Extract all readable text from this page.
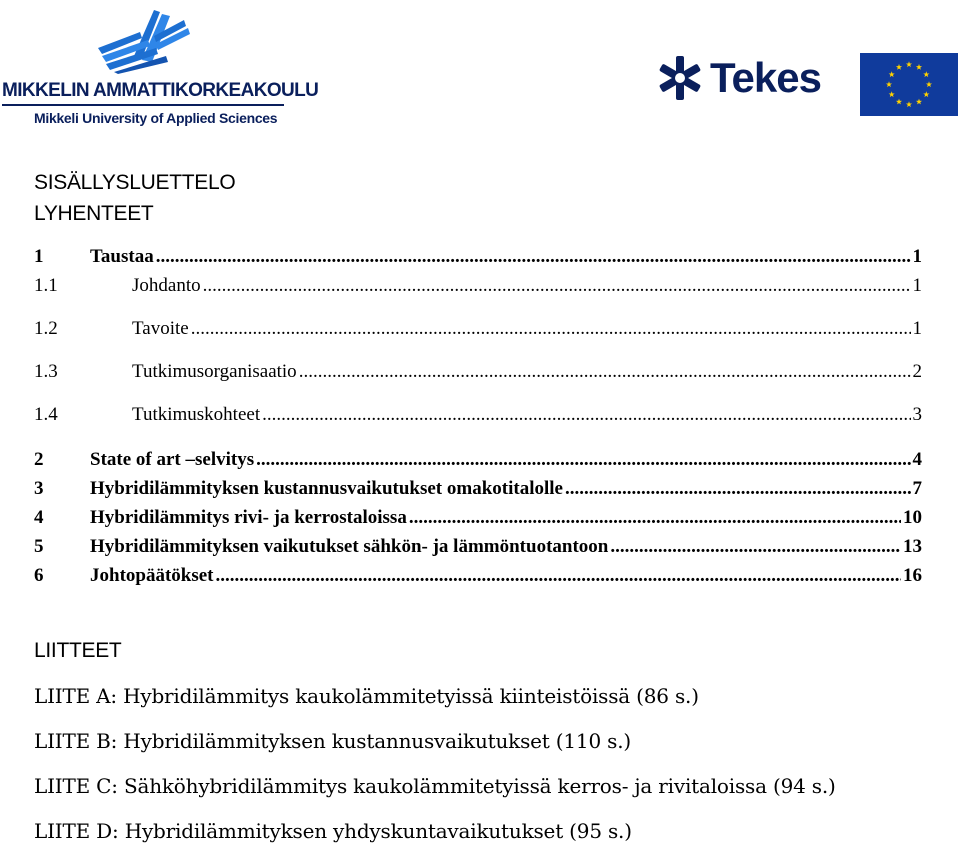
MIKKELIN AMMATTIKORKEAKOULU
Mikkeli University of Applied Sciences
Tekes
SISÄLLYSLUETTELO
LYHENTEET
1	Taustaa .....	1
1.1	Johdanto .....	1
1.2	Tavoite .....	1
1.3	Tutkimusorganisaatio .....	2
1.4	Tutkimuskohteet .....	3
2	State of art –selvitys .....	4
3	Hybridilämmityksen kustannusvaikutukset omakotitalolle .....	7
4	Hybridilämmitys rivi- ja kerrostaloissa .....	10
5	Hybridilämmityksen vaikutukset sähkön- ja lämmöntuotantoon .....	13
6	Johtopäätökset .....	16
LIITTEET
LIITE A: Hybridilämmitys kaukolämmitetyissä kiinteistöissä (86 s.)
LIITE B: Hybridilämmityksen kustannusvaikutukset (110 s.)
LIITE C: Sähköhybridilämmitys kaukolämmitetyissä kerros- ja rivitaloissa (94 s.)
LIITE D: Hybridilämmityksen yhdyskuntavaikutukset (95 s.)
